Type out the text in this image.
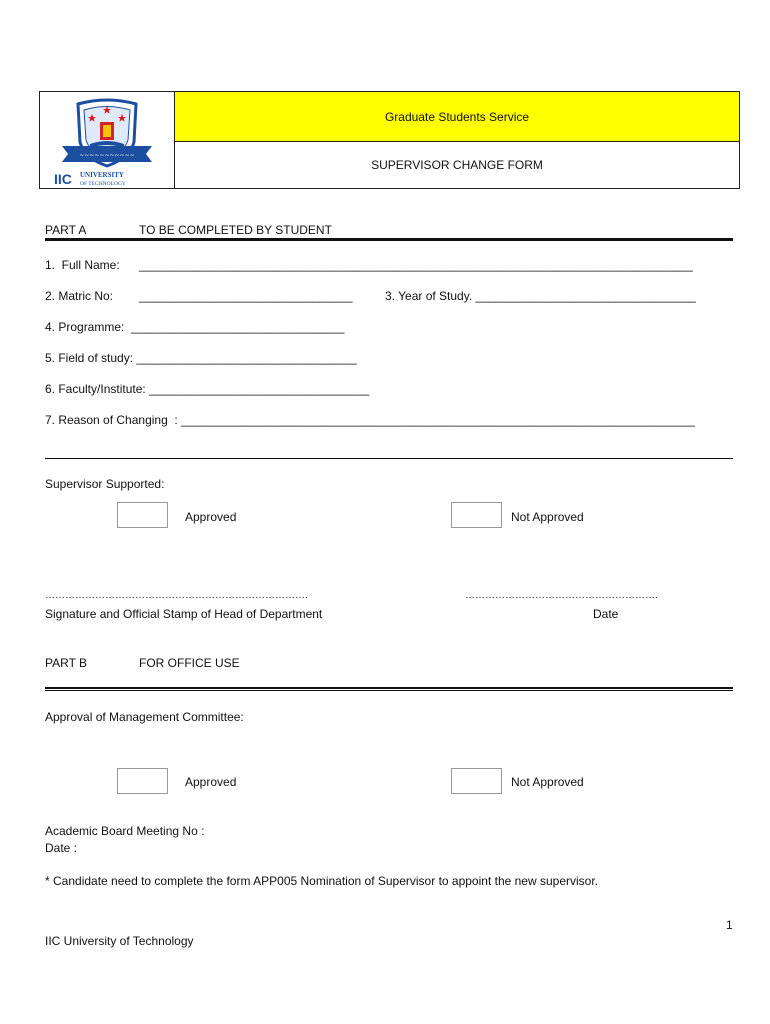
~~~~~~~~~~~
IIC UNIVERSITY
OF TECHNOLOGY
Graduate Students Service
SUPERVISOR CHANGE FORM
PART A	TO BE COMPLETED BY STUDENT
1.  Full Name: ___________________________________________________________________________________
2. Matric No: ________________________________	3. Year of Study. _________________________________
4. Programme:  ________________________________
5. Field of study: _________________________________
6. Faculty/Institute: _________________________________
7. Reason of Changing  : _____________________________________________________________________________
Supervisor Supported:
Approved	Not Approved
…………………………………………………………………….	………………………………………………….
Signature and Official Stamp of Head of Department	Date
PART B	FOR OFFICE USE
Approval of Management Committee:
Approved	Not Approved
Academic Board Meeting No :
Date :
* Candidate need to complete the form APP005 Nomination of Supervisor to appoint the new supervisor.
1
IIC University of Technology
